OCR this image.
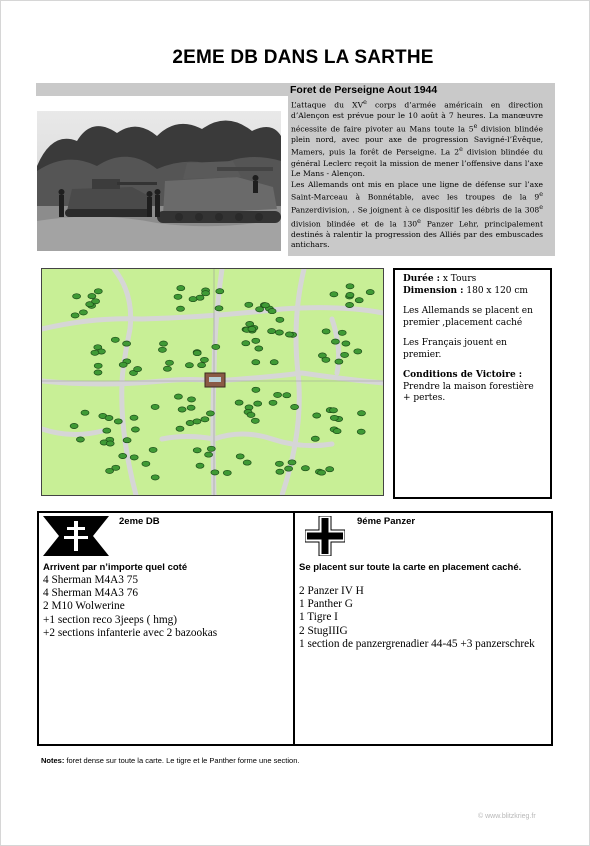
2EME DB DANS LA SARTHE
Foret de Perseigne Aout 1944

L’attaque du XVe corps d’armée américain en direction d’Alençon est prévue pour le 10 août à 7 heures. La manœuvre nécessite de faire pivoter au Mans toute la 5e division blindée plein nord, avec pour axe de progression Savigné-l’Évêque, Mamers, puis la forêt de Perseigne. La 2e division blindée du général Leclerc reçoit la mission de mener l’offensive dans l’axe Le Mans - Alençon.

Les Allemands ont mis en place une ligne de défense sur l’axe Saint-Marceau à Bonnétable, avec les troupes de la 9e Panzerdivision, . Se joignent à ce dispositif les débris de la 308e division blindée et de la 130e Panzer Lehr, principalement destinés à ralentir la progression des Alliés par des embuscades antichars.

Durée : x Tours
Dimension : 180 x 120 cm

Les Allemands se placent en premier ,placement caché

Les Français jouent en premier.

Conditions de Victoire :
Prendre la maison forestière + pertes.

2eme DB
Arrivent par n’importe quel coté
4 Sherman M4A3 75
4 Sherman M4A3 76
2 M10 Wolwerine
+1 section reco 3jeeps ( hmg)
+2 sections infanterie avec 2 bazookas
9éme Panzer
Se placent sur toute la carte en placement caché.
2 Panzer IV H
1 Panther G
1 Tigre I
2 StugIIIG
1 section de panzergrenadier 44-45 +3 panzerschrek
Notes: foret dense sur toute la carte. Le tigre et le Panther forme une section.
© www.blitzkrieg.fr
